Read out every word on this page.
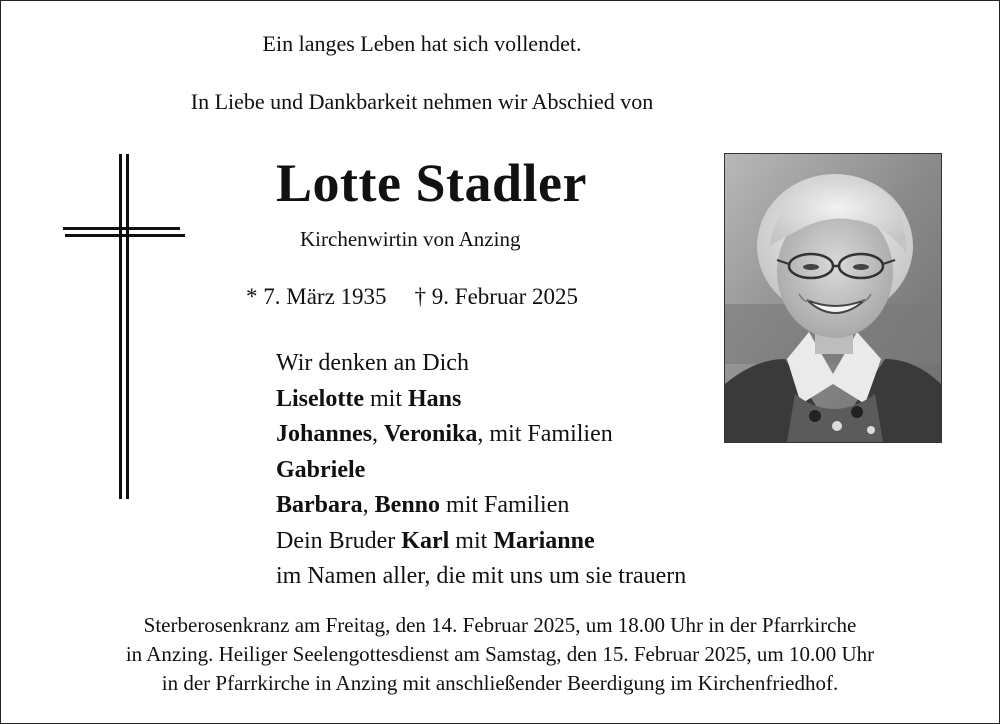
Ein langes Leben hat sich vollendet.
In Liebe und Dankbarkeit nehmen wir Abschied von
Lotte Stadler
Kirchenwirtin von Anzing
* 7. März 1935 † 9. Februar 2025
Wir denken an Dich
Liselotte mit Hans
Johannes, Veronika, mit Familien
Gabriele
Barbara, Benno mit Familien
Dein Bruder Karl mit Marianne
im Namen aller, die mit uns um sie trauern
Sterberosenkranz am Freitag, den 14. Februar 2025, um 18.00 Uhr in der Pfarrkirche
in Anzing. Heiliger Seelengottesdienst am Samstag, den 15. Februar 2025, um 10.00 Uhr
in der Pfarrkirche in Anzing mit anschließender Beerdigung im Kirchenfriedhof.
